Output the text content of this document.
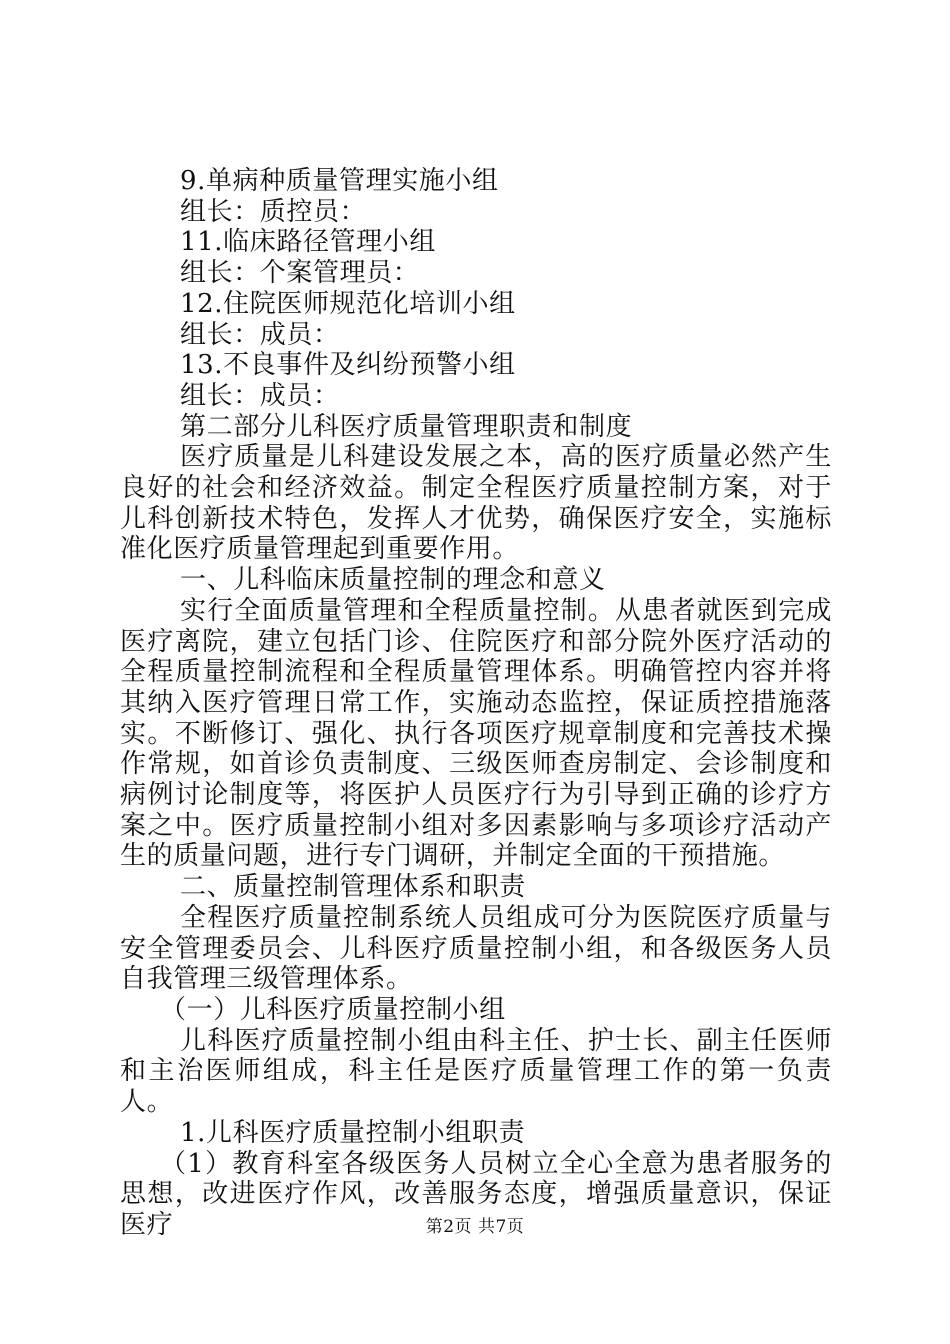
9.单病种质量管理实施小组
组长：质控员：
11.临床路径管理小组
组长：个案管理员：
12.住院医师规范化培训小组
组长：成员：
13.不良事件及纠纷预警小组
组长：成员：
第二部分儿科医疗质量管理职责和制度
医疗质量是儿科建设发展之本，高的医疗质量必然产生良好的社会和经济效益。制定全程医疗质量控制方案，对于儿科创新技术特色，发挥人才优势，确保医疗安全，实施标准化医疗质量管理起到重要作用。
一、儿科临床质量控制的理念和意义
实行全面质量管理和全程质量控制。从患者就医到完成医疗离院，建立包括门诊、住院医疗和部分院外医疗活动的全程质量控制流程和全程质量管理体系。明确管控内容并将其纳入医疗管理日常工作，实施动态监控，保证质控措施落实。不断修订、强化、执行各项医疗规章制度和完善技术操作常规，如首诊负责制度、三级医师查房制定、会诊制度和病例讨论制度等，将医护人员医疗行为引导到正确的诊疗方案之中。医疗质量控制小组对多因素影响与多项诊疗活动产生的质量问题，进行专门调研，并制定全面的干预措施。
二、质量控制管理体系和职责
全程医疗质量控制系统人员组成可分为医院医疗质量与安全管理委员会、儿科医疗质量控制小组，和各级医务人员自我管理三级管理体系。
（一）儿科医疗质量控制小组
儿科医疗质量控制小组由科主任、护士长、副主任医师和主治医师组成，科主任是医疗质量管理工作的第一负责人。
1.儿科医疗质量控制小组职责
（1）教育科室各级医务人员树立全心全意为患者服务的思想，改进医疗作风，改善服务态度，增强质量意识，保证医疗	第2页 共7页
